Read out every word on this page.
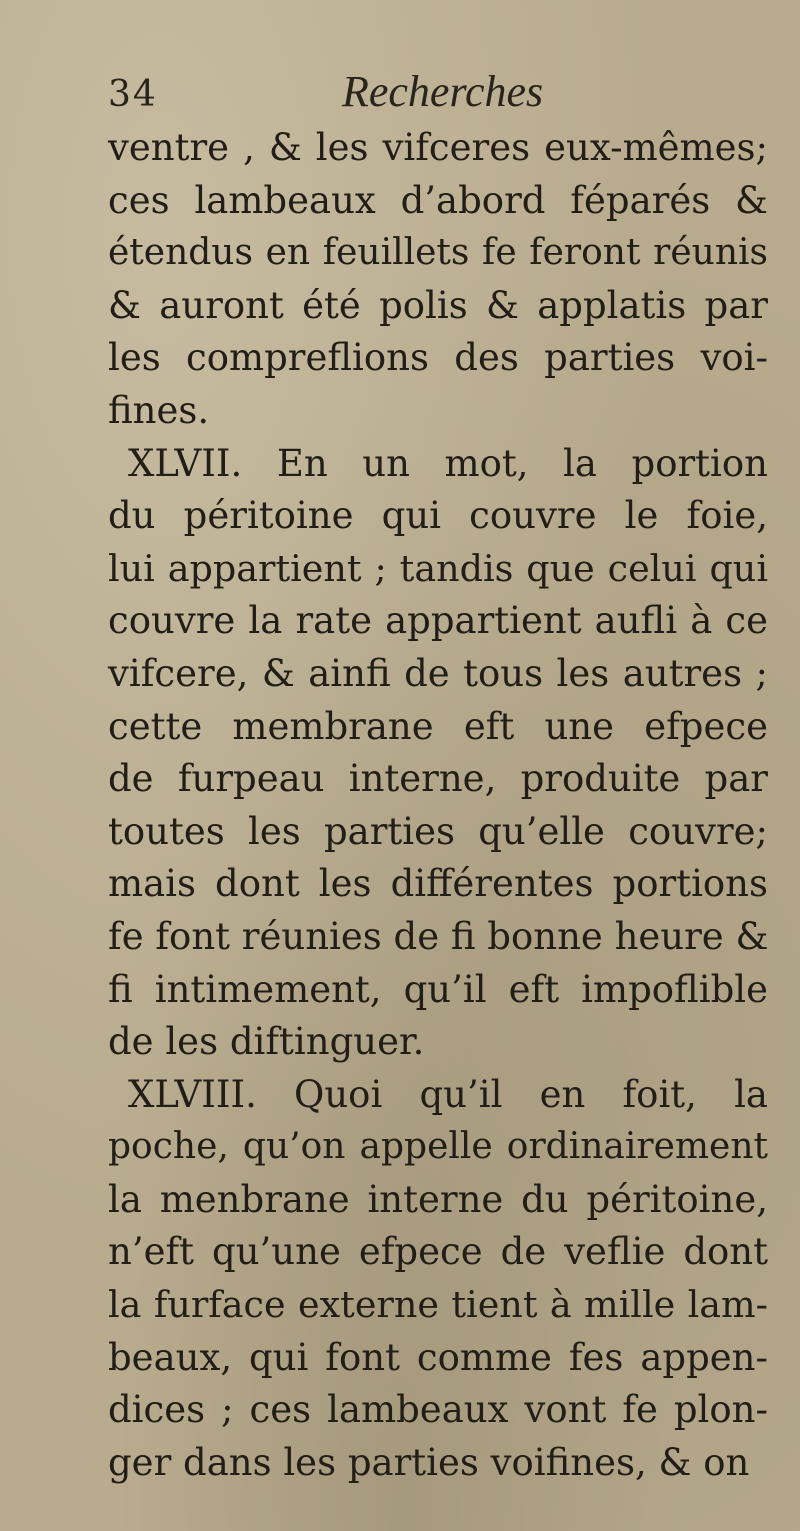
34	Recherches
ventre , & les vifceres eux-mêmes;
ces lambeaux d’abord féparés &
étendus en feuillets fe feront réunis
& auront été polis & applatis par
les compreflions des parties voi-
fines.
XLVII. En un mot, la portion
du péritoine qui couvre le foie,
lui appartient ; tandis que celui qui
couvre la rate appartient aufli à ce
vifcere, & ainfi de tous les autres ;
cette membrane eft une efpece
de furpeau interne, produite par
toutes les parties qu’elle couvre;
mais dont les différentes portions
fe font réunies de fi bonne heure &
fi intimement, qu’il eft impoflible
de les diftinguer.
XLVIII. Quoi qu’il en foit, la
poche, qu’on appelle ordinairement
la menbrane interne du péritoine,
n’eft qu’une efpece de veflie dont
la furface externe tient à mille lam-
beaux, qui font comme fes appen-
dices ; ces lambeaux vont fe plon-
ger dans les parties voifines, & on
